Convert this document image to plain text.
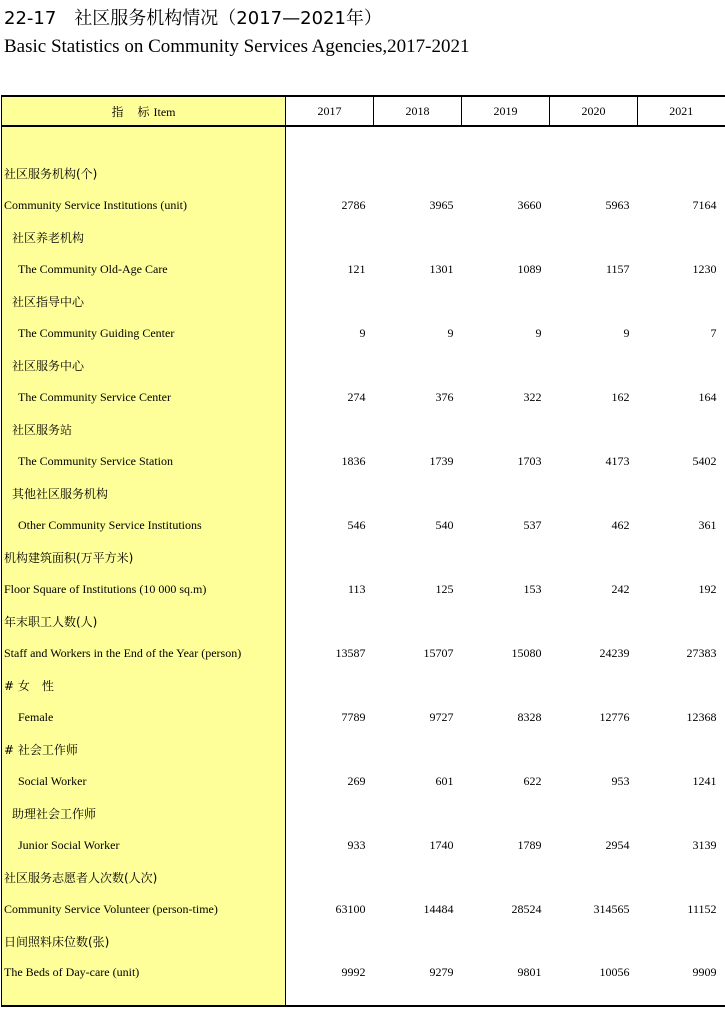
22-17　社区服务机构情况（2017—2021年）
Basic Statistics on Community Services Agencies,2017-2021
指　标 Item	2017	2018	2019	2020	2021

社区服务机构(个)					
Community Service Institutions (unit)	2786	3965	3660	5963	7164
社区养老机构					
The Community Old-Age Care	121	1301	1089	1157	1230
社区指导中心					
The Community Guiding Center	9	9	9	9	7
社区服务中心					
The Community Service Center	274	376	322	162	164
社区服务站					
The Community Service Station	1836	1739	1703	4173	5402
其他社区服务机构					
Other Community Service Institutions	546	540	537	462	361
机构建筑面积(万平方米)					
Floor Square of Institutions (10 000 sq.m)	113	125	153	242	192
年末职工人数(人)					
Staff and Workers in the End of the Year (person)	13587	15707	15080	24239	27383
# 女　性					
Female	7789	9727	8328	12776	12368
# 社会工作师					
Social Worker	269	601	622	953	1241
助理社会工作师					
Junior Social Worker	933	1740	1789	2954	3139
社区服务志愿者人次数(人次)					
Community Service Volunteer (person-time)	63100	14484	28524	314565	11152
日间照料床位数(张)					
The Beds of Day-care (unit)	9992	9279	9801	10056	9909
